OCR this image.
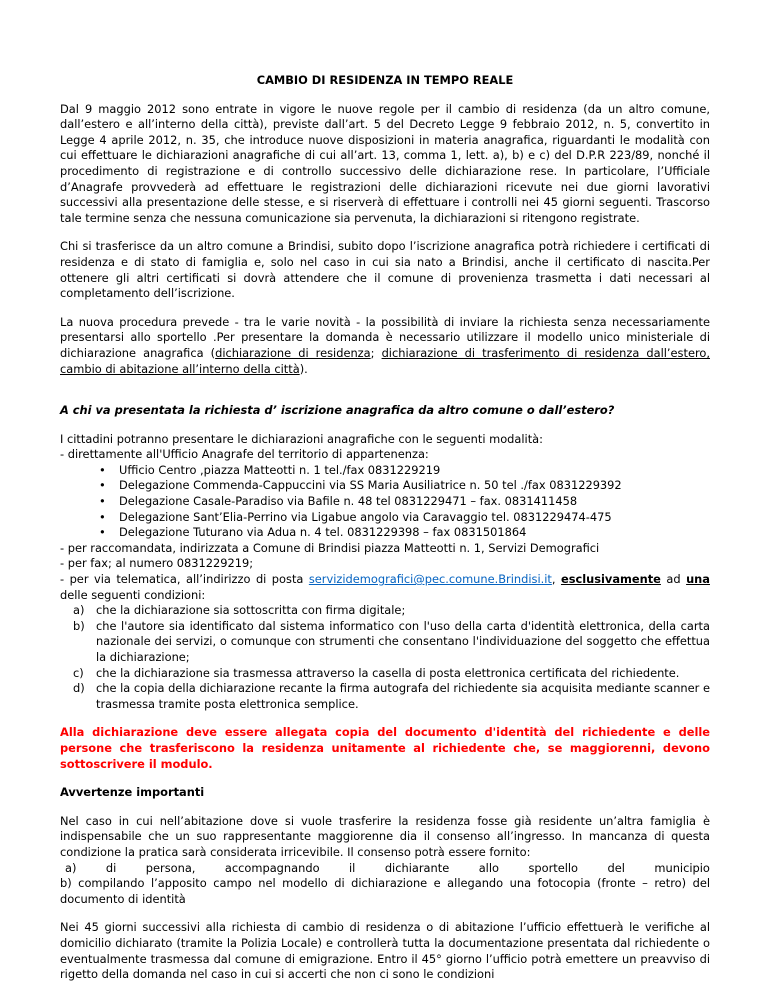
CAMBIO DI RESIDENZA IN TEMPO REALE

Dal 9 maggio 2012 sono entrate in vigore le nuove regole per il cambio di residenza (da un altro comune, dall’estero e all’interno della città), previste dall’art. 5 del Decreto Legge 9 febbraio 2012, n. 5, convertito in Legge 4 aprile 2012, n. 35, che introduce nuove disposizioni in materia anagrafica, riguardanti le modalità con cui effettuare le dichiarazioni anagrafiche di cui all’art. 13, comma 1, lett. a), b) e c) del D.P.R 223/89, nonché il procedimento di registrazione e di controllo successivo delle dichiarazione rese. In particolare, l’Ufficiale d’Anagrafe provvederà ad effettuare le registrazioni delle dichiarazioni ricevute nei due giorni lavorativi successivi alla presentazione delle stesse, e si riserverà di effettuare i controlli nei 45 giorni seguenti. Trascorso tale termine senza che nessuna comunicazione sia pervenuta, la dichiarazioni si ritengono registrate.

Chi si trasferisce da un altro comune a Brindisi, subito dopo l’iscrizione anagrafica potrà richiedere i certificati di residenza e di stato di famiglia e, solo nel caso in cui sia nato a Brindisi, anche il certificato di nascita.Per ottenere gli altri certificati si dovrà attendere che il comune di provenienza trasmetta i dati necessari al completamento dell’iscrizione.

La nuova procedura prevede - tra le varie novità - la possibilità di inviare la richiesta senza necessariamente presentarsi allo sportello .Per presentare la domanda è necessario utilizzare il modello unico ministeriale di dichiarazione anagrafica (dichiarazione di residenza; dichiarazione di trasferimento di residenza dall’estero, cambio di abitazione all’interno della città).

A chi va presentata la richiesta d’ iscrizione anagrafica da altro comune o dall’estero?

I cittadini potranno presentare le dichiarazioni anagrafiche con le seguenti modalità:

- direttamente all'Ufficio Anagrafe del territorio di appartenenza:

• Ufficio Centro ,piazza Matteotti n. 1 tel./fax 0831229219
• Delegazione Commenda-Cappuccini via SS Maria Ausiliatrice n. 50 tel ./fax 0831229392
• Delegazione Casale-Paradiso via Bafile n. 48 tel 0831229471 – fax. 0831411458
• Delegazione Sant’Elia-Perrino via Ligabue angolo via Caravaggio tel. 0831229474-475
• Delegazione Tuturano via Adua n. 4 tel. 0831229398 – fax 0831501864

- per raccomandata, indirizzata a Comune di Brindisi piazza Matteotti n. 1, Servizi Demografici

- per fax; al numero 0831229219;

- per via telematica, all’indirizzo di posta servizidemografici@pec.comune.Brindisi.it, esclusivamente ad una delle seguenti condizioni:

a) che la dichiarazione sia sottoscritta con firma digitale;
b) che l'autore sia identificato dal sistema informatico con l'uso della carta d'identità elettronica, della carta nazionale dei servizi, o comunque con strumenti che consentano l'individuazione del soggetto che effettua la dichiarazione;
c) che la dichiarazione sia trasmessa attraverso la casella di posta elettronica certificata del richiedente.
d) che la copia della dichiarazione recante la firma autografa del richiedente sia acquisita mediante scanner e trasmessa tramite posta elettronica semplice.

Alla dichiarazione deve essere allegata copia del documento d'identità del richiedente e delle persone che trasferiscono la residenza unitamente al richiedente che, se maggiorenni, devono sottoscrivere il modulo.

Avvertenze importanti

Nel caso in cui nell’abitazione dove si vuole trasferire la residenza fosse già residente un’altra famiglia è indispensabile che un suo rappresentante maggiorenne dia il consenso all’ingresso. In mancanza di questa condizione la pratica sarà considerata irricevibile. Il consenso potrà essere fornito:

a)	di	persona,	accompagnando	il	dichiarante	allo	sportello	del	municipio

b) compilando l’apposito campo nel modello di dichiarazione e allegando una fotocopia (fronte – retro) del documento di identità

Nei 45 giorni successivi alla richiesta di cambio di residenza o di abitazione l’ufficio effettuerà le verifiche al domicilio dichiarato (tramite la Polizia Locale) e controllerà tutta la documentazione presentata dal richiedente o eventualmente trasmessa dal comune di emigrazione. Entro il 45° giorno l’ufficio potrà emettere un preavviso di rigetto della domanda nel caso in cui si accerti che non ci sono le condizioni
